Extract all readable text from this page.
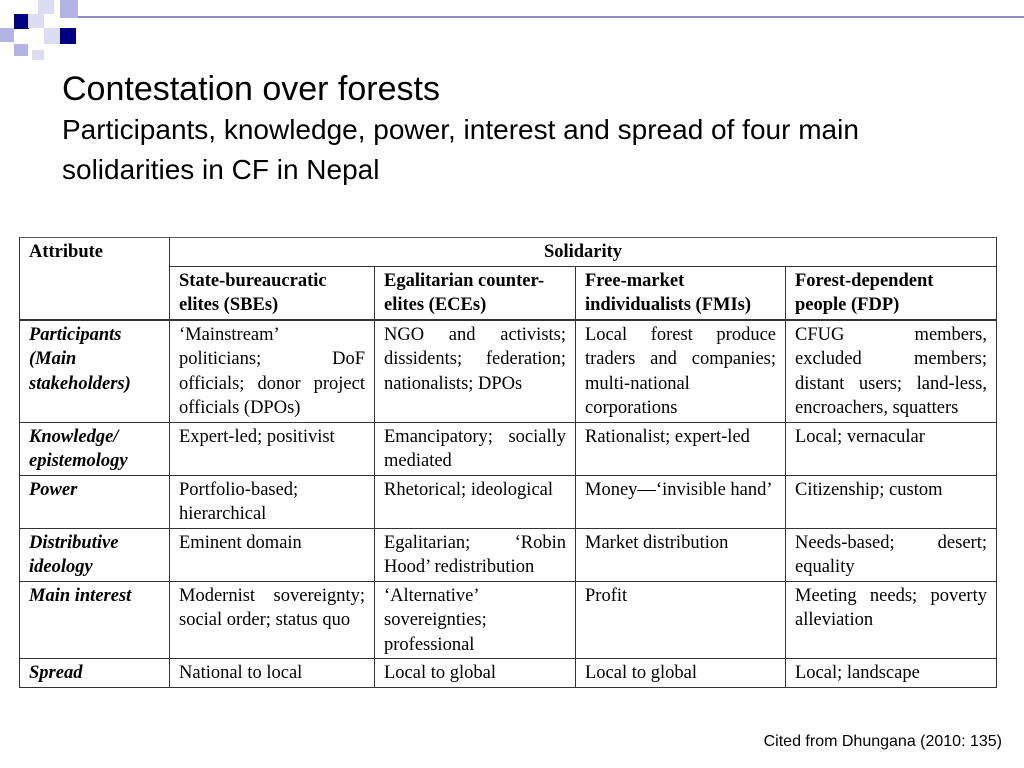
Contestation over forests
Participants, knowledge, power, interest and spread of four main solidarities in CF in Nepal
Attribute	Solidarity			
	State-bureaucratic elites (SBEs)	Egalitarian counter-elites (ECEs)	Free-market individualists (FMIs)	Forest-dependent people (FDP)
Participants (Main stakeholders)	‘Mainstream’ politicians; DoF officials; donor project officials (DPOs)	NGO and activists; dissidents; federation; nationalists; DPOs	Local forest produce traders and companies; multi-national corporations	CFUG members, excluded members; distant users; land-less, encroachers, squatters
Knowledge/ epistemology	Expert-led; positivist	Emancipatory; socially mediated	Rationalist; expert-led	Local; vernacular
Power	Portfolio-based; hierarchical	Rhetorical; ideological	Money—‘invisible hand’	Citizenship; custom
Distributive ideology	Eminent domain	Egalitarian; ‘Robin Hood’ redistribution	Market distribution	Needs-based; desert; equality
Main interest	Modernist sovereignty; social order; status quo	‘Alternative’ sovereignties; professional	Profit	Meeting needs; poverty alleviation
Spread	National to local	Local to global	Local to global	Local; landscape
Cited from Dhungana (2010: 135)
